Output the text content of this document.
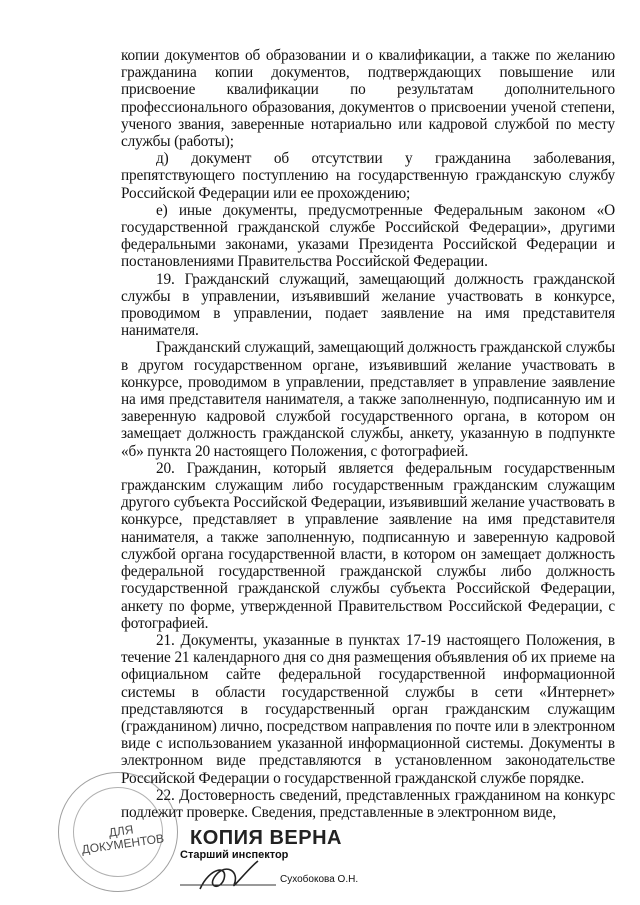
копии документов об образовании и о квалификации, а также по желанию гражданина копии документов, подтверждающих повышение или присвоение квалификации по результатам дополнительного профессионального образования, документов о присвоении ученой степени, ученого звания, заверенные нотариально или кадровой службой по месту службы (работы);

д) документ об отсутствии у гражданина заболевания, препятствующего поступлению на государственную гражданскую службу Российской Федерации или ее прохождению;

е) иные документы, предусмотренные Федеральным законом «О государственной гражданской службе Российской Федерации», другими федеральными законами, указами Президента Российской Федерации и постановлениями Правительства Российской Федерации.

19. Гражданский служащий, замещающий должность гражданской службы в управлении, изъявивший желание участвовать в конкурсе, проводимом в управлении, подает заявление на имя представителя нанимателя.

Гражданский служащий, замещающий должность гражданской службы в другом государственном органе, изъявивший желание участвовать в конкурсе, проводимом в управлении, представляет в управление заявление на имя представителя нанимателя, а также заполненную, подписанную им и заверенную кадровой службой государственного органа, в котором он замещает должность гражданской службы, анкету, указанную в подпункте «б» пункта 20 настоящего Положения, с фотографией.

20. Гражданин, который является федеральным государственным гражданским служащим либо государственным гражданским служащим другого субъекта Российской Федерации, изъявивший желание участвовать в конкурсе, представляет в управление заявление на имя представителя нанимателя, а также заполненную, подписанную и заверенную кадровой службой органа государственной власти, в котором он замещает должность федеральной государственной гражданской службы либо должность государственной гражданской службы субъекта Российской Федерации, анкету по форме, утвержденной Правительством Российской Федерации, с фотографией.

21. Документы, указанные в пунктах 17-19 настоящего Положения, в течение 21 календарного дня со дня размещения объявления об их приеме на официальном сайте федеральной государственной информационной системы в области государственной службы в сети «Интернет» представляются в государственный орган гражданским служащим (гражданином) лично, посредством направления по почте или в электронном виде с использованием указанной информационной системы. Документы в электронном виде представляются в установленном законодательстве Российской Федерации о государственной гражданской службе порядке.

22. Достоверность сведений, представленных гражданином на конкурс подлежит проверке. Сведения, представленные в электронном виде,

ДЛЯ ДОКУМЕНТОВ КОПИЯ ВЕРНА
Старший инспектор
Сухобокова О.Н.
